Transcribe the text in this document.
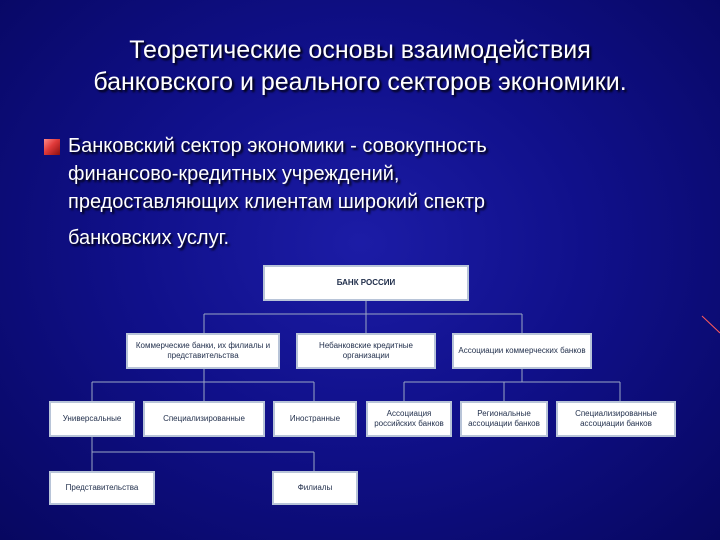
Теоретические основы взаимодействия
банковского и реального секторов экономики.
Банковский сектор экономики - совокупность
финансово-кредитных учреждений,
предоставляющих клиентам широкий спектр
банковских услуг.
БАНК РОССИИ
Коммерческие банки, их филиалы и представительства
Небанковские кредитные организации
Ассоциации коммерческих банков
Универсальные	Специализированные	Иностранные
Ассоциация российских банков
Региональные ассоциации банков
Специализированные ассоциации банков
Представительства	Филиалы
